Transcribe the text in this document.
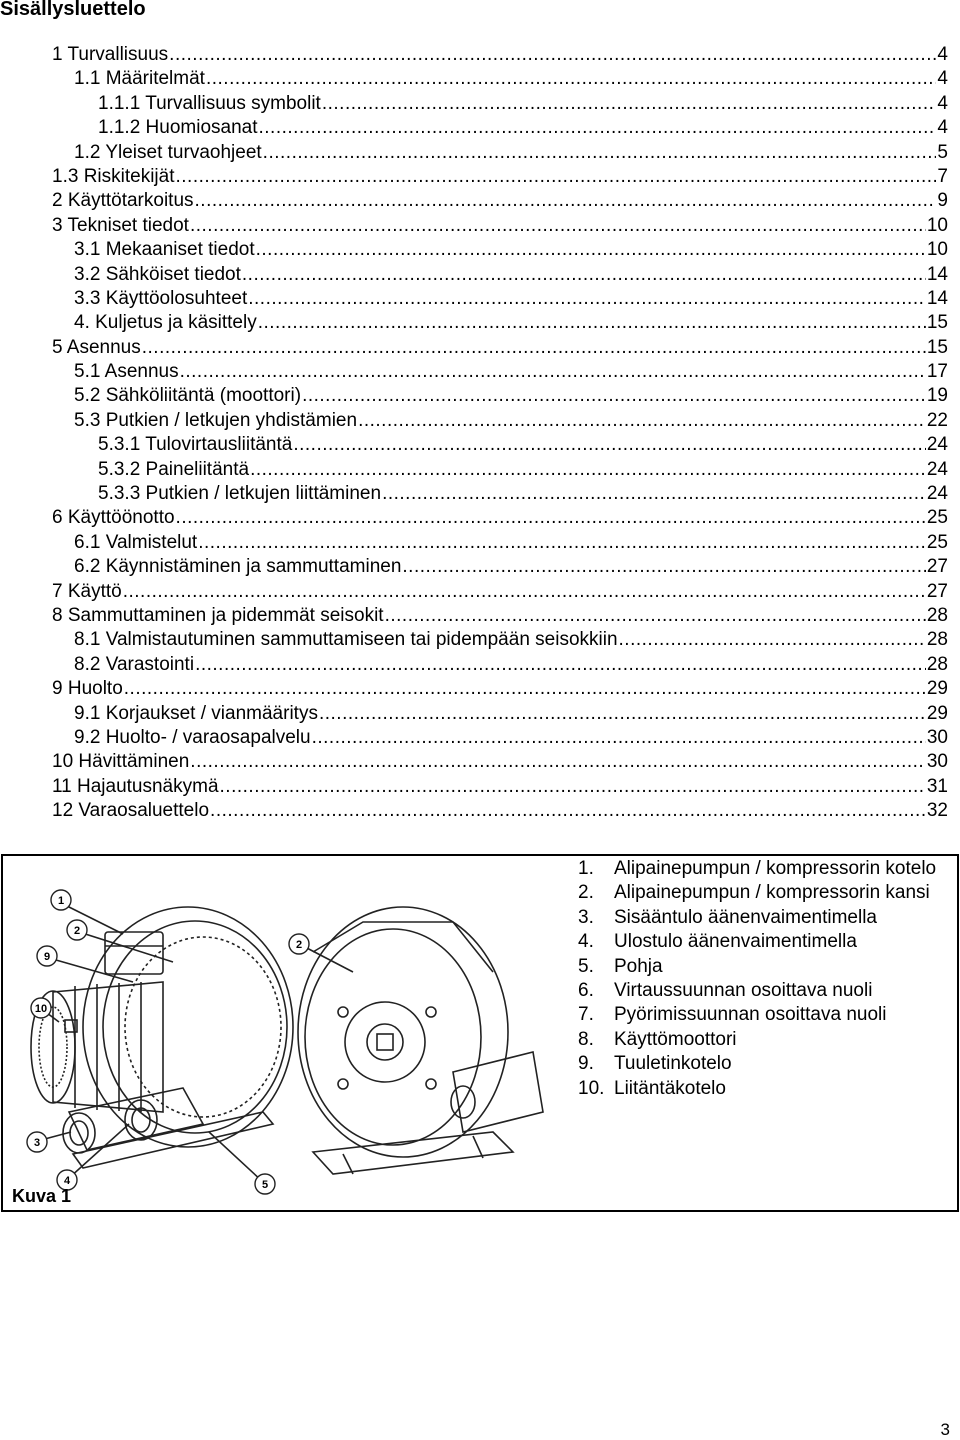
Sisällysluettelo
1 Turvallisuus .....	4
1.1 Määritelmät .....	4
1.1.1 Turvallisuus symbolit .....	4
1.1.2 Huomiosanat .....	4
1.2 Yleiset turvaohjeet .....	5
1.3 Riskitekijät .....	7
2 Käyttötarkoitus .....	9
3 Tekniset tiedot .....	10
3.1 Mekaaniset tiedot .....	10
3.2 Sähköiset tiedot .....	14
3.3 Käyttöolosuhteet .....	14
4. Kuljetus ja käsittely .....	15
5 Asennus .....	15
5.1 Asennus .....	17
5.2 Sähköliitäntä (moottori) .....	19
5.3 Putkien / letkujen yhdistämien .....	22
5.3.1 Tulovirtausliitäntä .....	24
5.3.2 Paineliitäntä .....	24
5.3.3 Putkien / letkujen liittäminen .....	24
6 Käyttöönotto .....	25
6.1 Valmistelut .....	25
6.2 Käynnistäminen ja sammuttaminen .....	27
7 Käyttö .....	27
8 Sammuttaminen ja pidemmät seisokit .....	28
8.1 Valmistautuminen sammuttamiseen tai pidempään seisokkiin .....	28
8.2 Varastointi .....	28
9 Huolto .....	29
9.1 Korjaukset / vianmääritys .....	29
9.2 Huolto- / varaosapalvelu .....	30
10 Hävittäminen .....	30
11 Hajautusnäkymä .....	31
12 Varaosaluettelo .....	32
1
2
9
10
3
4	5
2
1.	Alipainepumpun / kompressorin kotelo
2.	Alipainepumpun / kompressorin kansi
3.	Sisääntulo äänenvaimentimella
4.	Ulostulo äänenvaimentimella
5.	Pohja
6.	Virtaussuunnan osoittava nuoli
7.	Pyörimissuunnan osoittava nuoli
8.	Käyttömoottori
9.	Tuuletinkotelo
10. Liitäntäkotelo
Kuva 1
3
